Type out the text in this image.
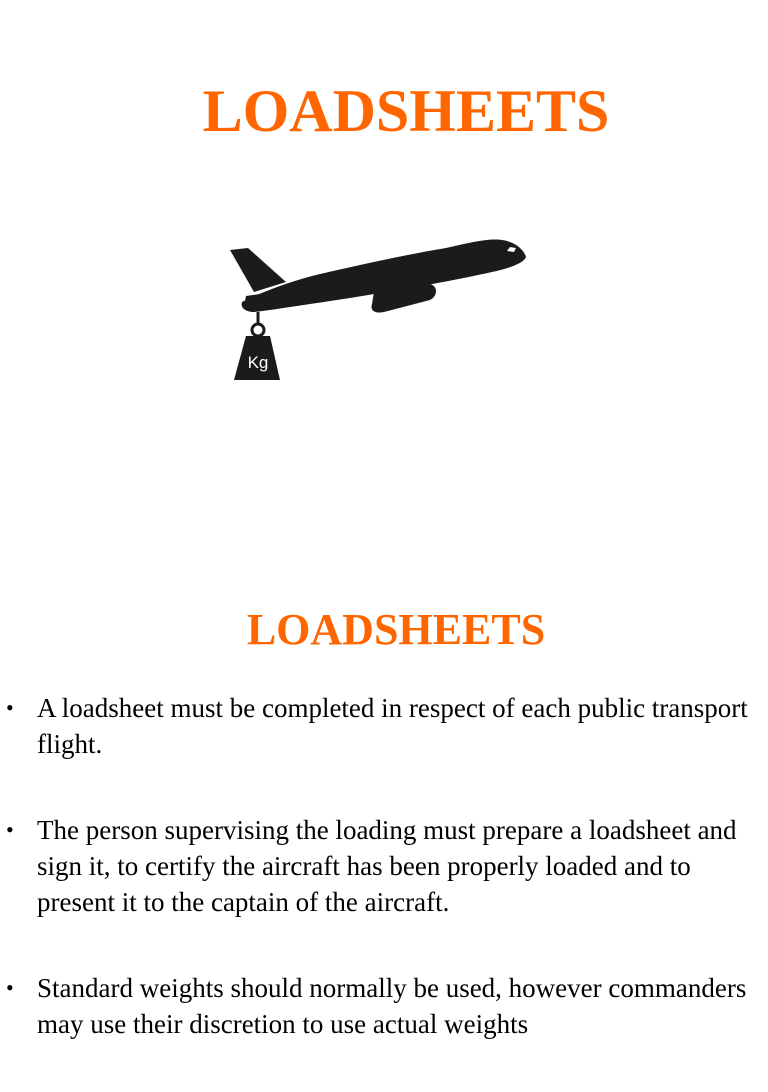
LOADSHEETS
Kg
LOADSHEETS
• A loadsheet must be completed in respect of each public transport flight.
• The person supervising the loading must prepare a loadsheet and sign it, to certify the aircraft has been properly loaded and to present it to the captain of the aircraft.
• Standard weights should normally be used, however commanders may use their discretion to use actual weights
